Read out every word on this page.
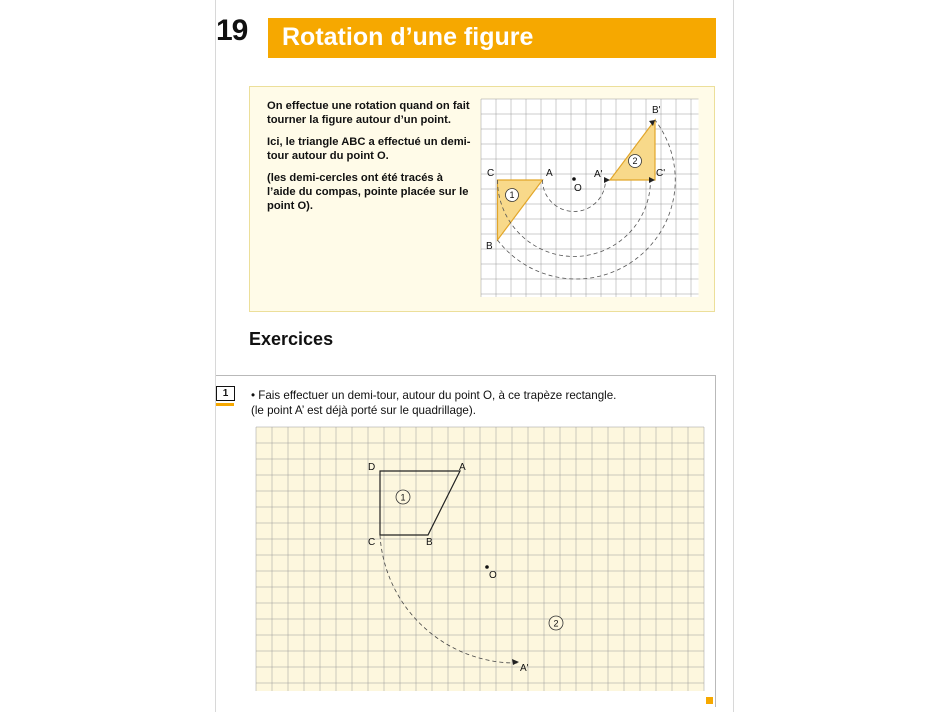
19 Rotation d’une figure

On effectue une rotation quand on fait tourner la figure autour d’un point.

Ici, le triangle ABC a effectué un demi-tour autour du point O.

(les demi-cercles ont été tracés à l’aide du compas, pointe placée sur le point O).

1
2
C	A
O
A'	C'
B'
B
Exercices
1	• Fais effectuer un demi-tour, autour du point O, à ce trapèze rectangle.
(le point A’ est déjà porté sur le quadrillage).
1
2
D	A
C	B
O
A'
